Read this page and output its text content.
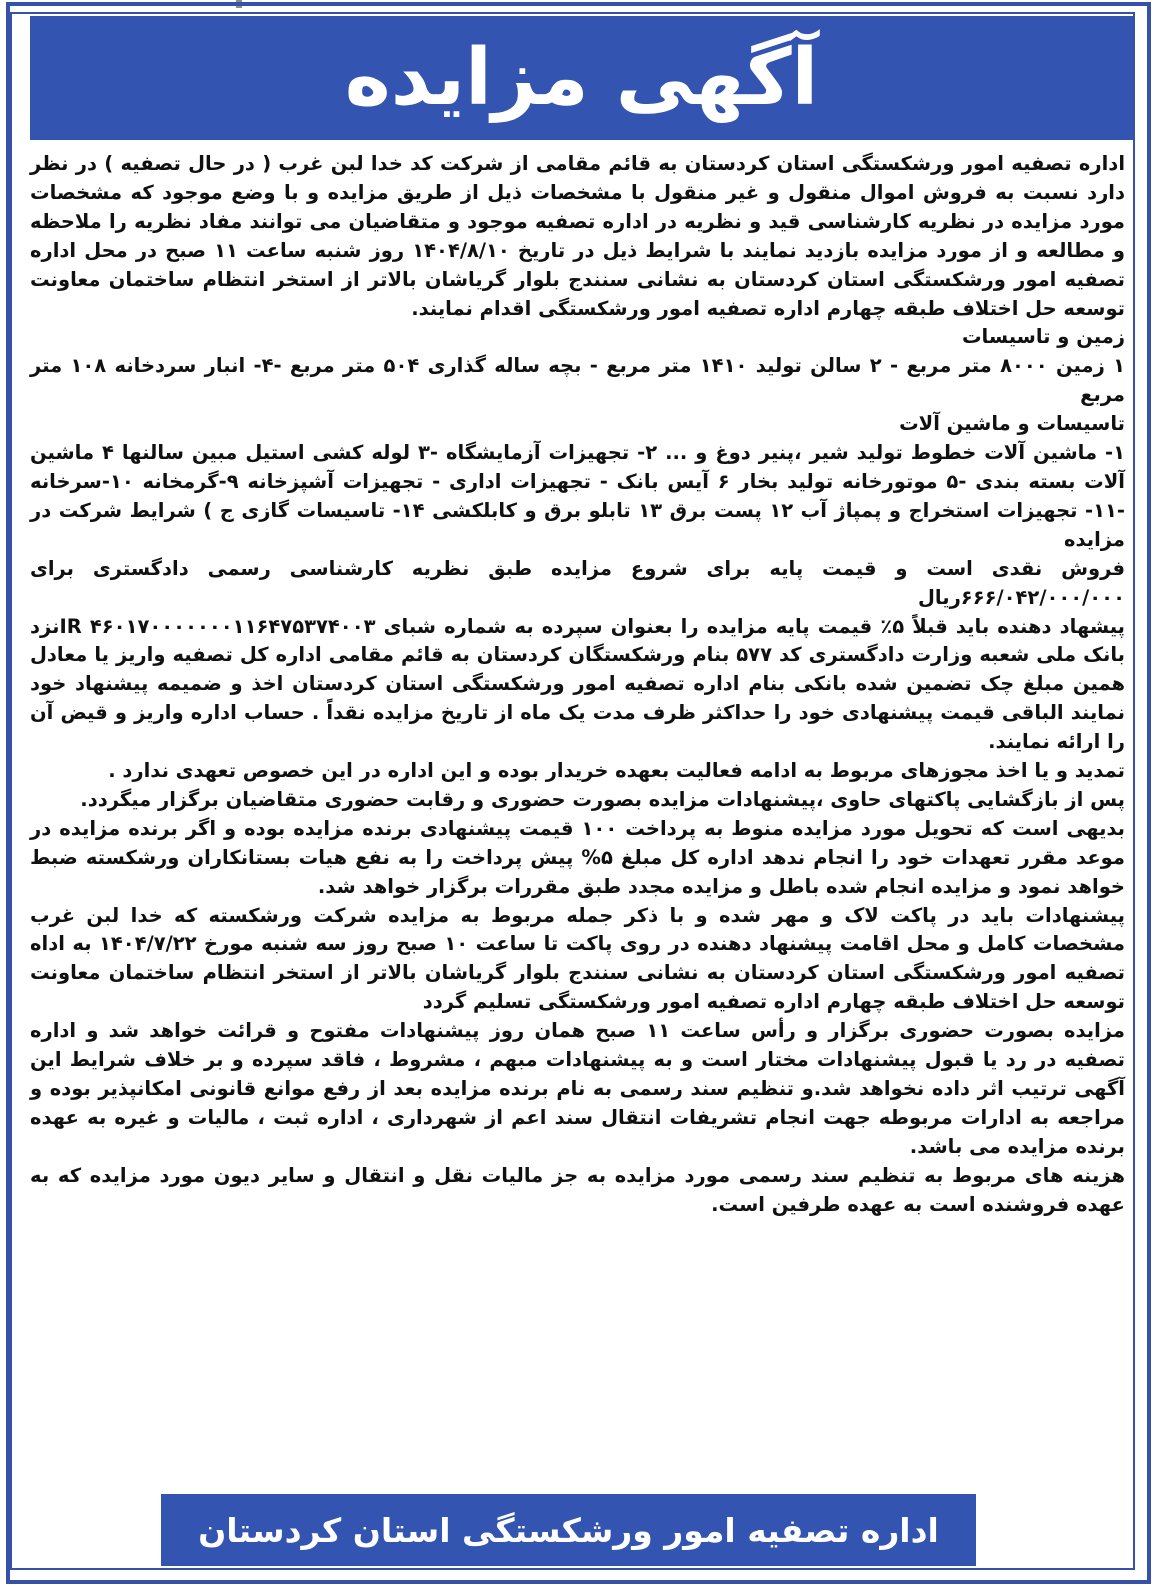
آگهی مزایده

اداره تصفیه امور ورشکستگی استان کردستان به قائم مقامی از شرکت کد خدا لبن غرب ( در حال تصفیه ) در نظر دارد نسبت به فروش اموال منقول و غیر منقول با مشخصات ذیل از طریق مزایده و با وضع موجود که مشخصات مورد مزایده در نظریه کارشناسی قید و نظریه در اداره تصفیه موجود و متقاضیان می توانند مفاد نظریه را ملاحظه و مطالعه و از مورد مزایده بازدید نمایند با شرایط ذیل در تاریخ ۱۴۰۴/۸/۱۰ روز شنبه ساعت ۱۱ صبح در محل اداره تصفیه امور ورشکستگی استان کردستان به نشانی سنندج بلوار گریاشان بالاتر از استخر انتظام ساختمان معاونت توسعه حل اختلاف طبقه چهارم اداره تصفیه امور ورشکستگی اقدام نمایند.

زمین و تاسیسات

۱ زمین ۸۰۰۰ متر مربع - ۲ سالن تولید ۱۴۱۰ متر مربع - بچه ساله گذاری ۵۰۴ متر مربع -۴- انبار سردخانه ۱۰۸ متر مربع

تاسیسات و ماشین آلات

۱- ماشین آلات خطوط تولید شیر ،پنیر دوغ و ... ۲- تجهیزات آزمایشگاه -۳ لوله کشی استیل مبین سالنها ۴ ماشین آلات بسته بندی -۵ موتورخانه تولید بخار ۶ آیس بانک - تجهیزات اداری - تجهیزات آشپزخانه ۹-گرمخانه ۱۰-سرخانه -۱۱- تجهیزات استخراج و پمپاژ آب ۱۲ پست برق ۱۳ تابلو برق و کابلکشی ۱۴- تاسیسات گازی ج ) شرایط شرکت در مزایده

فروش نقدی است و قیمت پایه برای شروع مزایده طبق نظریه کارشناسی رسمی دادگستری برای ۶۶۶/۰۴۲/۰۰۰/۰۰۰ریال

پیشهاد دهنده باید قبلاً ۵٪ قیمت پایه مزایده را بعنوان سپرده به شماره شبای IR ۴۶۰۱۷۰۰۰۰۰۰۰۱۱۶۴۷۵۳۷۴۰۰۳نزد بانک ملی شعبه وزارت دادگستری کد ۵۷۷ بنام ورشکستگان کردستان به قائم مقامی اداره کل تصفیه واریز یا معادل همین مبلغ چک تضمین شده بانکی بنام اداره تصفیه امور ورشکستگی استان کردستان اخذ و ضمیمه پیشنهاد خود نمایند الباقی قیمت پیشنهادی خود را حداکثر ظرف مدت یک ماه از تاریخ مزایده نقداً . حساب اداره واریز و قیض آن را ارائه نمایند.

تمدید و یا اخذ مجوزهای مربوط به ادامه فعالیت بعهده خریدار بوده و این اداره در این خصوص تعهدی ندارد .

پس از بازگشایی پاکتهای حاوی ،پیشنهادات مزایده بصورت حضوری و رقابت حضوری متقاضیان برگزار میگردد.

بدیهی است که تحویل مورد مزایده منوط به پرداخت ۱۰۰ قیمت پیشنهادی برنده مزایده بوده و اگر برنده مزایده در موعد مقرر تعهدات خود را انجام ندهد اداره کل مبلغ ۵% پیش پرداخت را به نفع هیات بستانکاران ورشکسته ضبط خواهد نمود و مزایده انجام شده باطل و مزایده مجدد طبق مقررات برگزار خواهد شد.

پیشنهادات باید در پاکت لاک و مهر شده و با ذکر جمله مربوط به مزایده شرکت ورشکسته که خدا لبن غرب مشخصات کامل و محل اقامت پیشنهاد دهنده در روی پاکت تا ساعت ۱۰ صبح روز سه شنبه مورخ ۱۴۰۴/۷/۲۲ به اداه تصفیه امور ورشکستگی استان کردستان به نشانی سنندج بلوار گریاشان بالاتر از استخر انتظام ساختمان معاونت توسعه حل اختلاف طبقه چهارم اداره تصفیه امور ورشکستگی تسلیم گردد

مزایده بصورت حضوری برگزار و رأس ساعت ۱۱ صبح همان روز پیشنهادات مفتوح و قرائت خواهد شد و اداره تصفیه در رد یا قبول پیشنهادات مختار است و به پیشنهادات مبهم ، مشروط ، فاقد سپرده و بر خلاف شرایط این آگهی ترتیب اثر داده نخواهد شد.و تنظیم سند رسمی به نام برنده مزایده بعد از رفع موانع قانونی امکانپذیر بوده و مراجعه به ادارات مربوطه جهت انجام تشریفات انتقال سند اعم از شهرداری ، اداره ثبت ، مالیات و غیره به عهده برنده مزایده می باشد.

هزینه های مربوط به تنظیم سند رسمی مورد مزایده به جز مالیات نقل و انتقال و سایر دیون مورد مزایده که به عهده فروشنده است به عهده طرفین است.

اداره تصفیه امور ورشکستگی استان کردستان
